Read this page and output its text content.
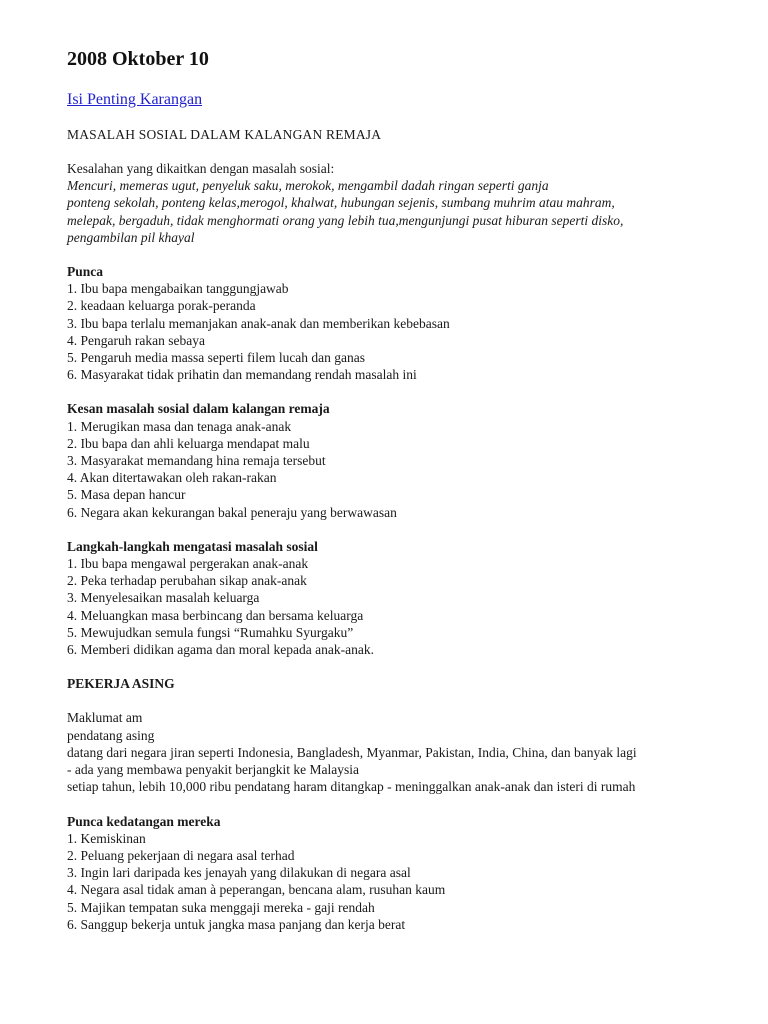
2008 Oktober 10
Isi Penting Karangan
MASALAH SOSIAL DALAM KALANGAN REMAJA

Kesalahan yang dikaitkan dengan masalah sosial:

Mencuri, memeras ugut, penyeluk saku, merokok, mengambil dadah ringan seperti ganja

ponteng sekolah, ponteng kelas,merogol, khalwat, hubungan sejenis, sumbang muhrim atau mahram,

melepak, bergaduh, tidak menghormati orang yang lebih tua,mengunjungi pusat hiburan seperti disko,

pengambilan pil khayal

Punca

1. Ibu bapa mengabaikan tanggungjawab
2. keadaan keluarga porak-peranda
3. Ibu bapa terlalu memanjakan anak-anak dan memberikan kebebasan
4. Pengaruh rakan sebaya
5. Pengaruh media massa seperti filem lucah dan ganas
6. Masyarakat tidak prihatin dan memandang rendah masalah ini

Kesan masalah sosial dalam kalangan remaja

1. Merugikan masa dan tenaga anak-anak
2. Ibu bapa dan ahli keluarga mendapat malu
3. Masyarakat memandang hina remaja tersebut
4. Akan ditertawakan oleh rakan-rakan
5. Masa depan hancur
6. Negara akan kekurangan bakal peneraju yang berwawasan

Langkah-langkah mengatasi masalah sosial

1. Ibu bapa mengawal pergerakan anak-anak
2. Peka terhadap perubahan sikap anak-anak
3. Menyelesaikan masalah keluarga
4. Meluangkan masa berbincang dan bersama keluarga
5. Mewujudkan semula fungsi “Rumahku Syurgaku”
6. Memberi didikan agama dan moral kepada anak-anak.

PEKERJA ASING

Maklumat am

pendatang asing

datang dari negara jiran seperti Indonesia, Bangladesh, Myanmar, Pakistan, India, China, dan banyak lagi

- ada yang membawa penyakit berjangkit ke Malaysia

setiap tahun, lebih 10,000 ribu pendatang haram ditangkap - meninggalkan anak-anak dan isteri di rumah

Punca kedatangan mereka

1. Kemiskinan
2. Peluang pekerjaan di negara asal terhad
3. Ingin lari daripada kes jenayah yang dilakukan di negara asal
4. Negara asal tidak aman à peperangan, bencana alam, rusuhan kaum
5. Majikan tempatan suka menggaji mereka - gaji rendah
6. Sanggup bekerja untuk jangka masa panjang dan kerja berat
